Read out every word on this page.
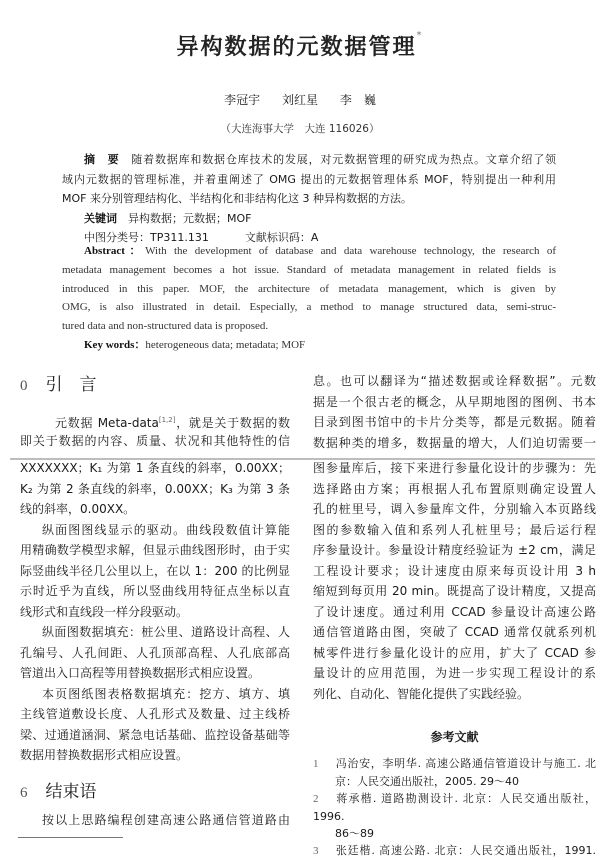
异构数据的元数据管理*
李冠宇 刘红星 李　巍
（大连海事大学　大连 116026）
摘　要　 随着数据库和数据仓库技术的发展，对元数据管理的研究成为热点。文章介绍了领
域内元数据的管理标准，并着重阐述了 OMG 提出的元数据管理体系 MOF，特别提出一种利用
MOF 来分别管理结构化、半结构化和非结构化这 3 种异构数据的方法。
关键词　 异构数据；元数据；MOF
中图分类号：TP311.131	文献标识码：A
Abstract：With the development of database and data warehouse technology, the research of
metadata management becomes a hot issue. Standard of metadata management in related fields is
introduced in this paper. MOF, the architecture of metadata management, which is given by
OMG, is also illustrated in detail. Especially, a method to manage structured data, semi-struc-
tured data and non-structured data is proposed.
Key words：heterogeneous data; metadata; MOF
0 引　言
元数据 Meta-data[1,2]，就是关于数据的数
即关于数据的内容、质量、状况和其他特性的信
息。也可以翻译为“描述数据或诠释数据”。元数
据是一个很古老的概念，从早期地图的图例、书本
目录到图书馆中的卡片分类等，都是元数据。随着
数据种类的增多，数据量的增大，人们迫切需要一
XXXXXXX；K₁ 为第 1 条直线的斜率，0.00XX；
K₂ 为第 2 条直线的斜率，0.00XX；K₃ 为第 3 条
线的斜率，0.00XX。
纵面图图线显示的驱动。曲线段数值计算能
用精确数学模型求解，但显示曲线图形时，由于实
际竖曲线半径几公里以上，在以 1：200 的比例显
示时近乎为直线，所以竖曲线用特征点坐标以直
线形式和直线段一样分段驱动。
纵面图数据填充：桩公里、道路设计高程、人
孔编号、人孔间距、人孔顶部高程、人孔底部高
管道出入口高程等用替换数据形式相应设置。
本页图纸图表格数据填充：挖方、填方、填
主线管道敷设长度、人孔形式及数量、过主线桥
梁、过通道涵洞、紧急电话基础、监控设备基础等
数据用替换数据形式相应设置。
6 结束语
按以上思路编程创建高速公路通信管道路由
图参量库后，接下来进行参量化设计的步骤为：先
选择路由方案；再根据人孔布置原则确定设置人
孔的桩里号，调入参量库文件，分别输入本页路线
图的参数输入值和系列人孔桩里号；最后运行程
序参量设计。参量设计精度经验证为 ±2 cm，满足
工程设计要求；设计速度由原来每页设计用 3 h
缩短到每页用 20 min。既提高了设计精度，又提高
了设计速度。通过利用 CCAD 参量设计高速公路
通信管道路由图，突破了 CCAD 通常仅就系列机
械零件进行参量化设计的应用，扩大了 CCAD 参
量设计的应用范围，为进一步实现工程设计的系
列化、自动化、智能化提供了实践经验。
参考文献
1 冯治安，李明华. 高速公路通信管道设计与施工. 北
京：人民交通出版社，2005. 29～40
2 蒋承楷. 道路勘测设计. 北京：人民交通出版社，1996.
86～89
3 张廷楷. 高速公路. 北京：人民交通出版社，1991.
